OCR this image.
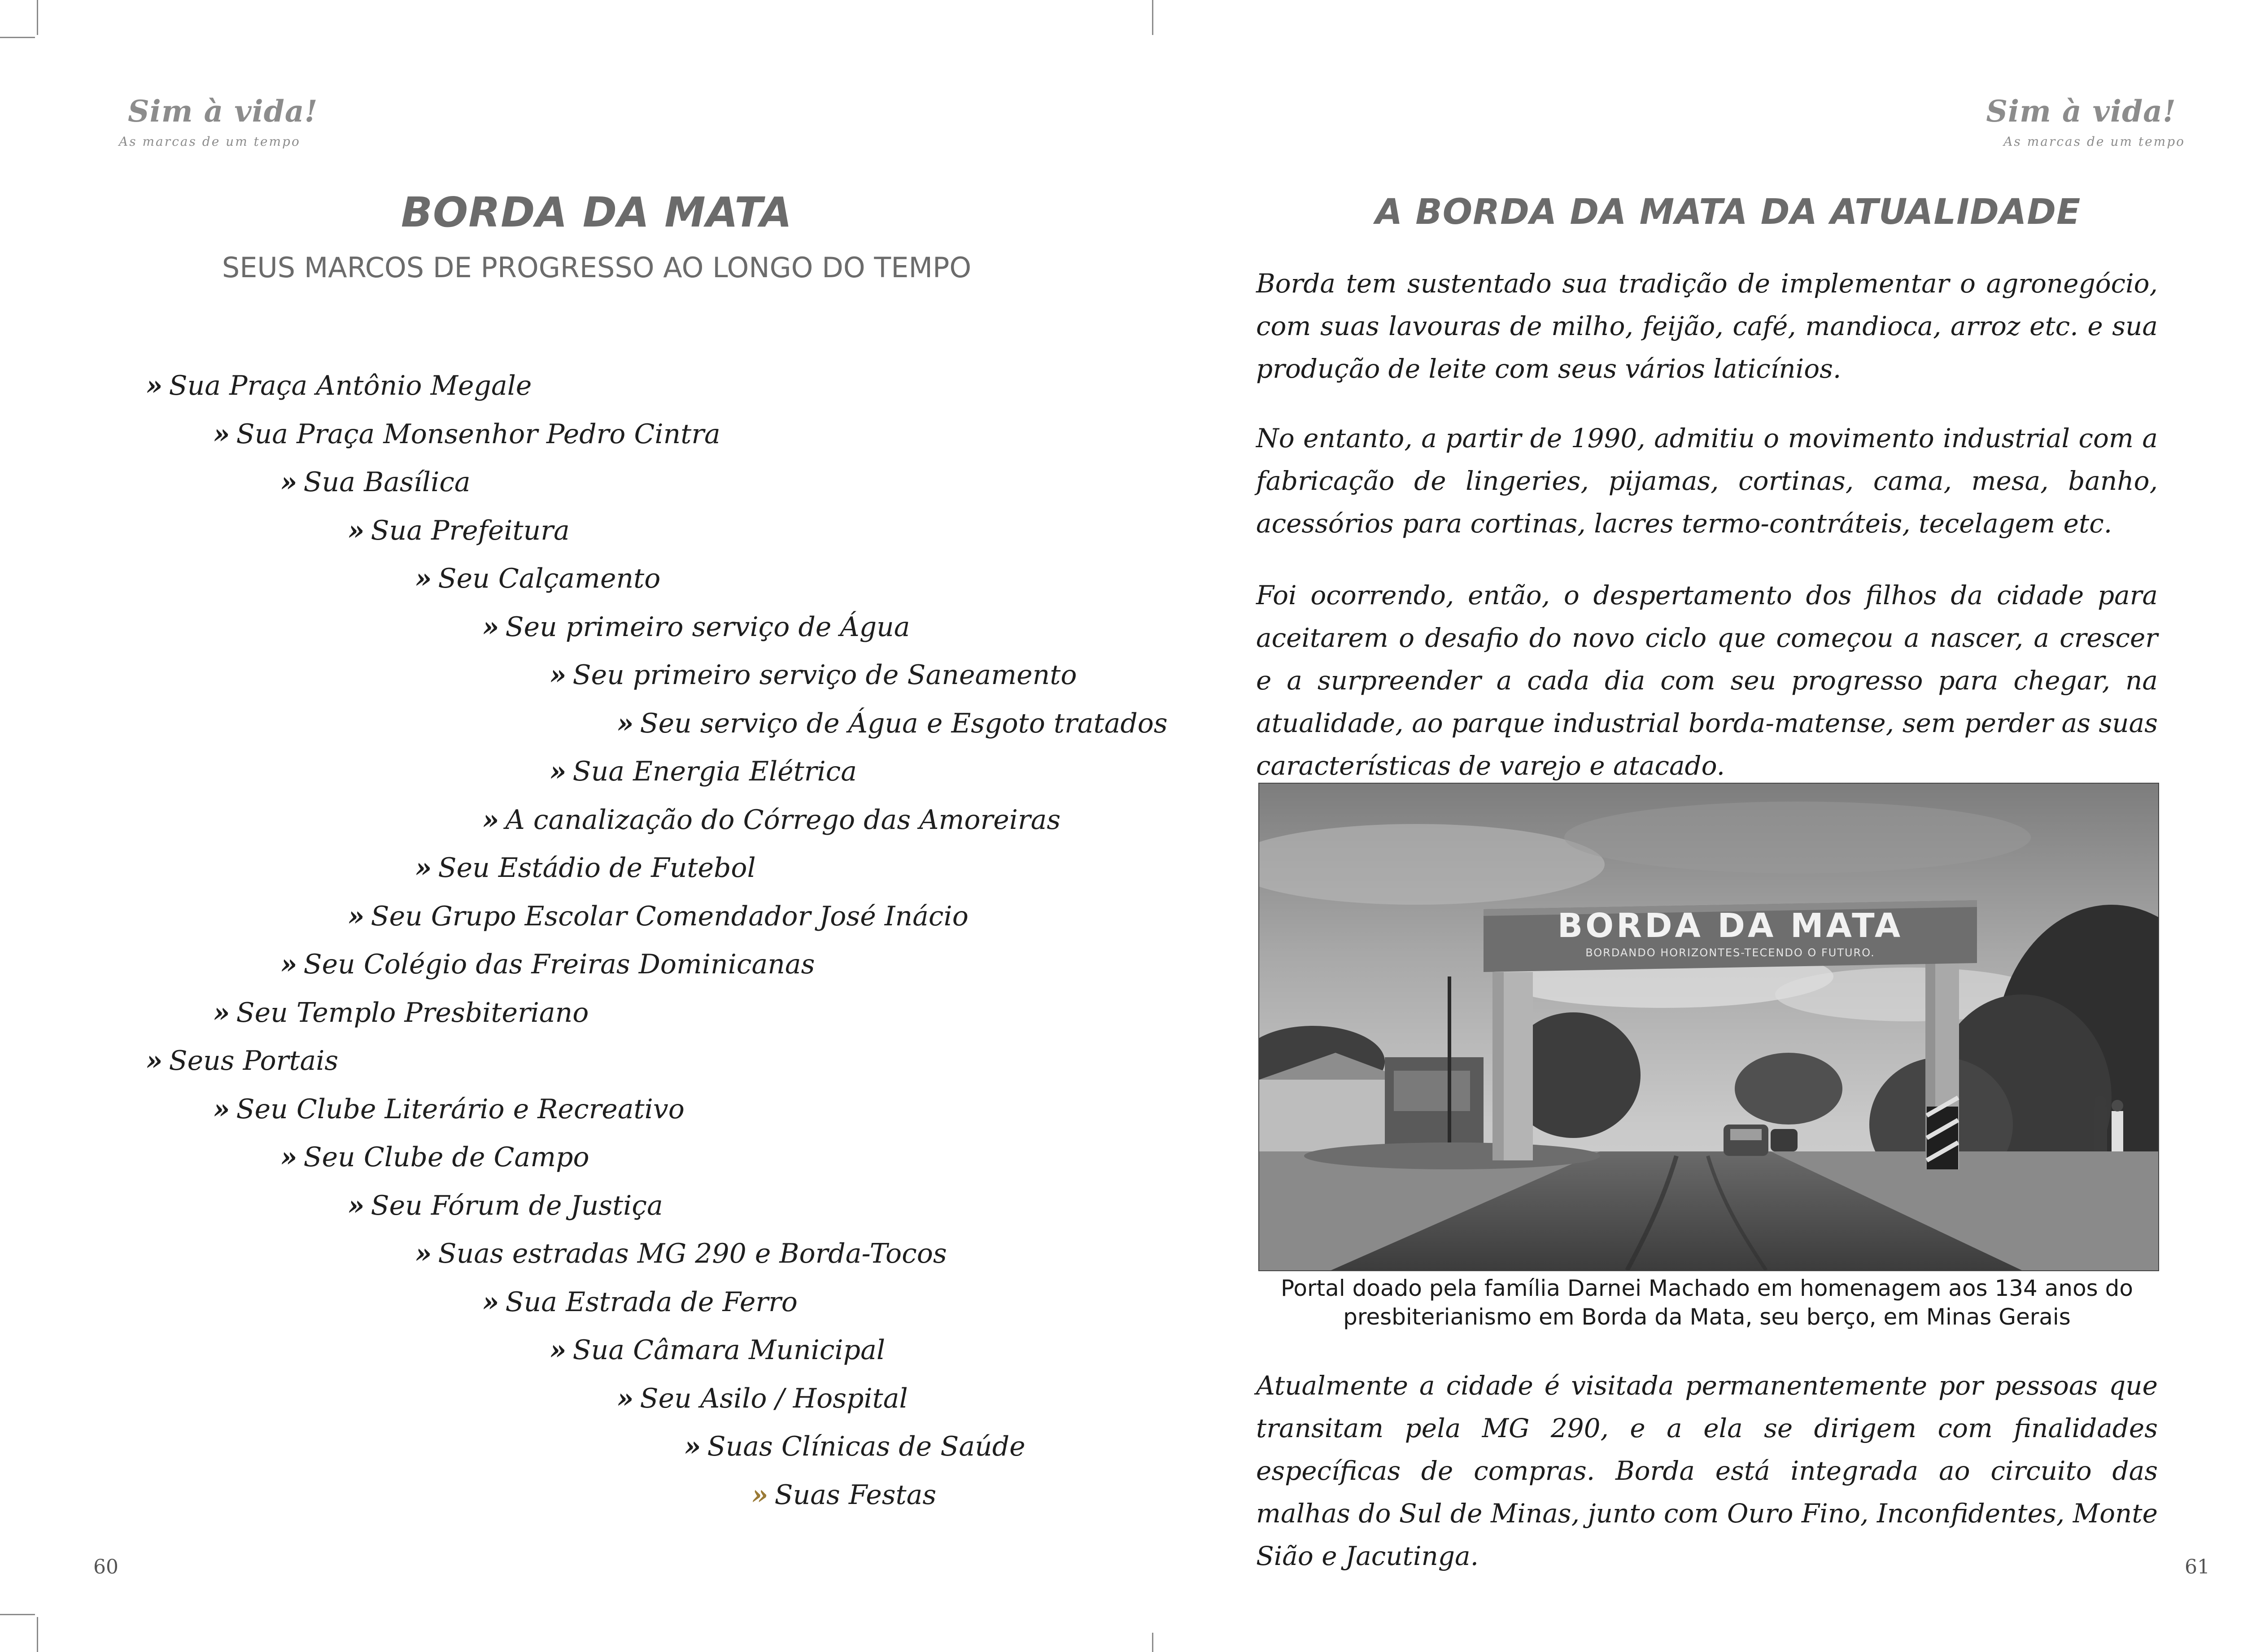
Sim à vida!
As marcas de um tempo
BORDA DA MATA
SEUS MARCOS DE PROGRESSO AO LONGO DO TEMPO
» Sua Praça Antônio Megale
» Sua Praça Monsenhor Pedro Cintra
» Sua Basílica
» Sua Prefeitura
» Seu Calçamento
» Seu primeiro serviço de Água
» Seu primeiro serviço de Saneamento
» Seu serviço de Água e Esgoto tratados
» Sua Energia Elétrica
» A canalização do Córrego das Amoreiras
» Seu Estádio de Futebol
» Seu Grupo Escolar Comendador José Inácio
» Seu Colégio das Freiras Dominicanas
» Seu Templo Presbiteriano
» Seus Portais
» Seu Clube Literário e Recreativo
» Seu Clube de Campo
» Seu Fórum de Justiça
» Suas estradas MG 290 e Borda-Tocos
» Sua Estrada de Ferro
» Sua Câmara Municipal
» Seu Asilo / Hospital
» Suas Clínicas de Saúde
» Suas Festas
60
Sim à vida!
As marcas de um tempo
A BORDA DA MATA DA ATUALIDADE

Borda tem sustentado sua tradição de implementar o agronegócio, com suas lavouras de milho, feijão, café, mandioca, arroz etc. e sua produção de leite com seus vários laticínios.

No entanto, a partir de 1990, admitiu o movimento industrial com a fabricação de lingeries, pijamas, cortinas, cama, mesa, banho, acessórios para cortinas, lacres termo-contráteis, tecelagem etc.

Foi ocorrendo, então, o despertamento dos filhos da cidade para aceitarem o desafio do novo ciclo que começou a nascer, a crescer e a surpreender a cada dia com seu progresso para chegar, na atualidade, ao parque industrial borda-matense, sem perder as suas características de varejo e atacado.

BORDA DA MATA
BORDANDO HORIZONTES-TECENDO O FUTURO.

Portal doado pela família Darnei Machado em homenagem aos 134 anos do
presbiterianismo em Borda da Mata, seu berço, em Minas Gerais

Atualmente a cidade é visitada permanentemente por pessoas que transitam pela MG 290, e a ela se dirigem com finalidades específicas de compras. Borda está integrada ao circuito das malhas do Sul de Minas, junto com Ouro Fino, Inconfidentes, Monte Sião e Jacutinga.	61
